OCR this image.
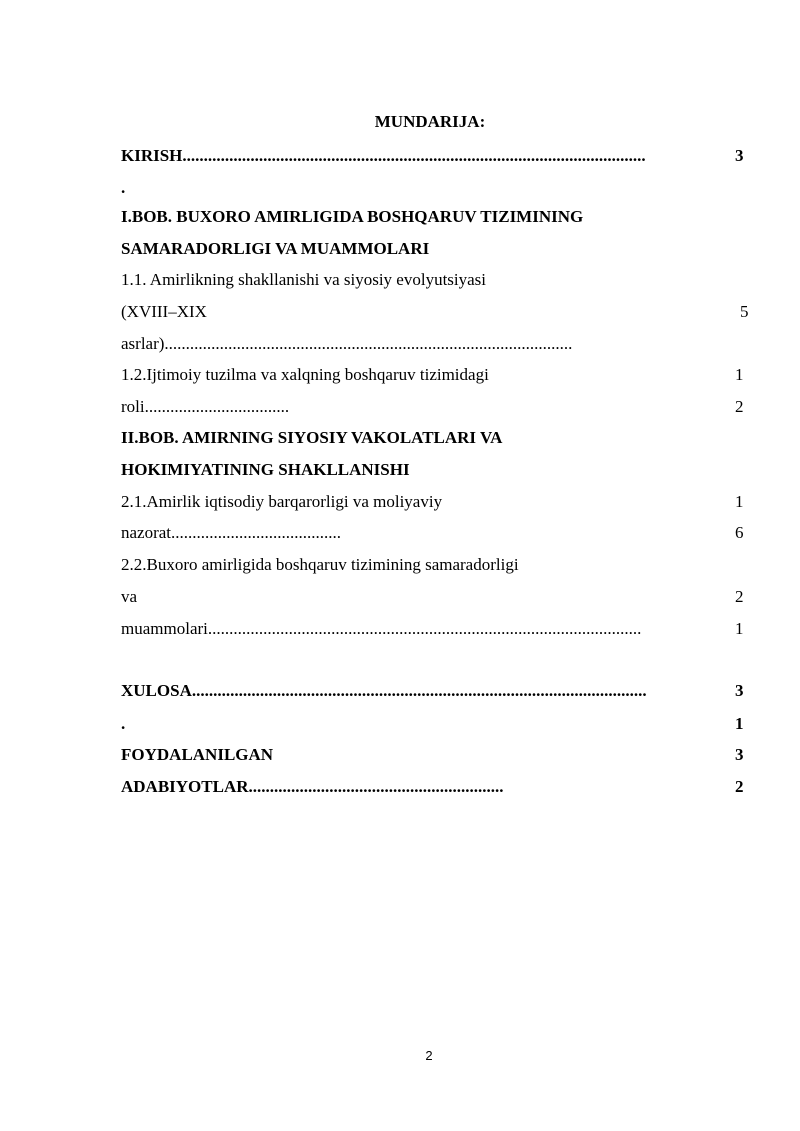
MUNDARIJA:
KIRISH.............................................................................................................	3
.
I.BOB. BUXORO AMIRLIGIDA BOSHQARUV TIZIMINING
SAMARADORLIGI VA MUAMMOLARI
1.1. Amirlikning shakllanishi va siyosiy evolyutsiyasi
(XVIII–XIX	5
asrlar)................................................................................................
1.2.Ijtimoiy tuzilma va xalqning boshqaruv tizimidagi	1
roli..................................	2
II.BOB. AMIRNING SIYOSIY VAKOLATLARI VA
HOKIMIYATINING SHAKLLANISHI
2.1.Amirlik iqtisodiy barqarorligi va moliyaviy	1
nazorat........................................	6
2.2.Buxoro amirligida boshqaruv tizimining samaradorligi
va	2
muammolari......................................................................................................	1
XULOSA...........................................................................................................	3
.	1
FOYDALANILGAN	3
ADABIYOTLAR............................................................	2
2
